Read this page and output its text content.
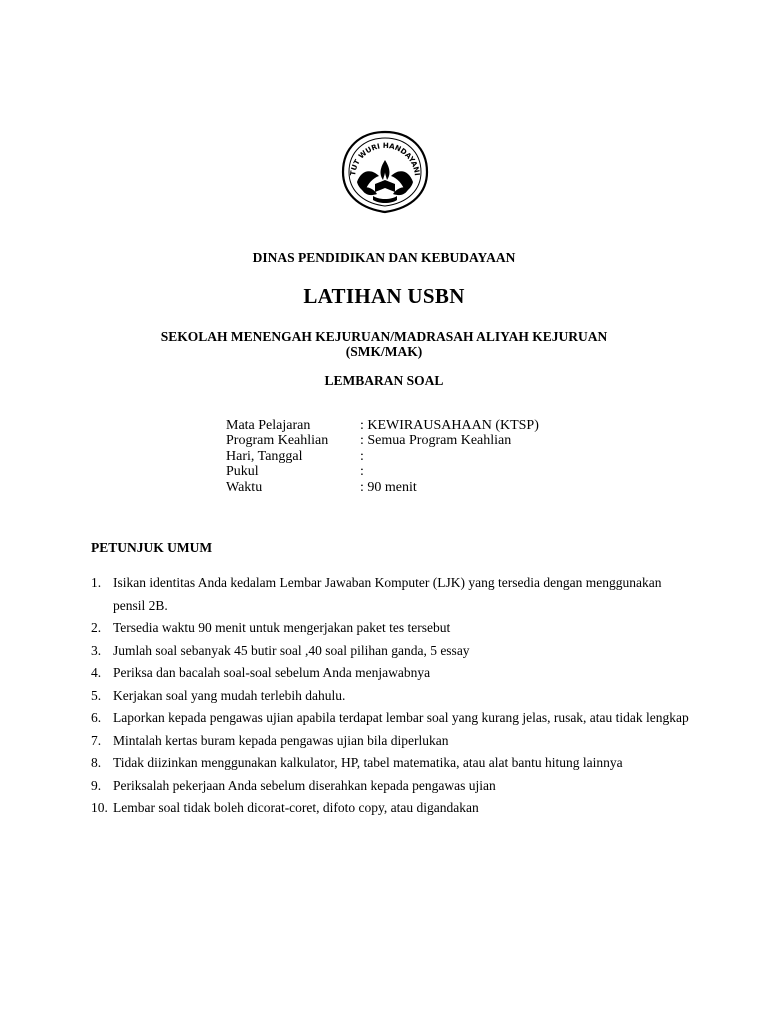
TUT WURI HANDAYANI

DINAS PENDIDIKAN DAN KEBUDAYAAN

LATIHAN USBN

SEKOLAH MENENGAH KEJURUAN/MADRASAH ALIYAH KEJURUAN
(SMK/MAK)

LEMBARAN SOAL

Mata Pelajaran	: KEWIRAUSAHAAN (KTSP)
Program Keahlian	: Semua Program Keahlian
Hari, Tanggal	:
Pukul	:
Waktu	: 90 menit

PETUNJUK UMUM

1. Isikan identitas Anda kedalam Lembar Jawaban Komputer (LJK) yang tersedia dengan menggunakan pensil 2B.
2. Tersedia waktu 90 menit untuk mengerjakan paket tes tersebut
3. Jumlah soal sebanyak 45 butir soal ,40 soal pilihan ganda, 5 essay
4. Periksa dan bacalah soal-soal sebelum Anda menjawabnya
5. Kerjakan soal yang mudah terlebih dahulu.
6. Laporkan kepada pengawas ujian apabila terdapat lembar soal yang kurang jelas, rusak, atau tidak lengkap
7. Mintalah kertas buram kepada pengawas ujian bila diperlukan
8. Tidak diizinkan menggunakan kalkulator, HP, tabel matematika, atau alat bantu hitung lainnya
9. Periksalah pekerjaan Anda sebelum diserahkan kepada pengawas ujian
10. Lembar soal tidak boleh dicorat-coret, difoto copy, atau digandakan
